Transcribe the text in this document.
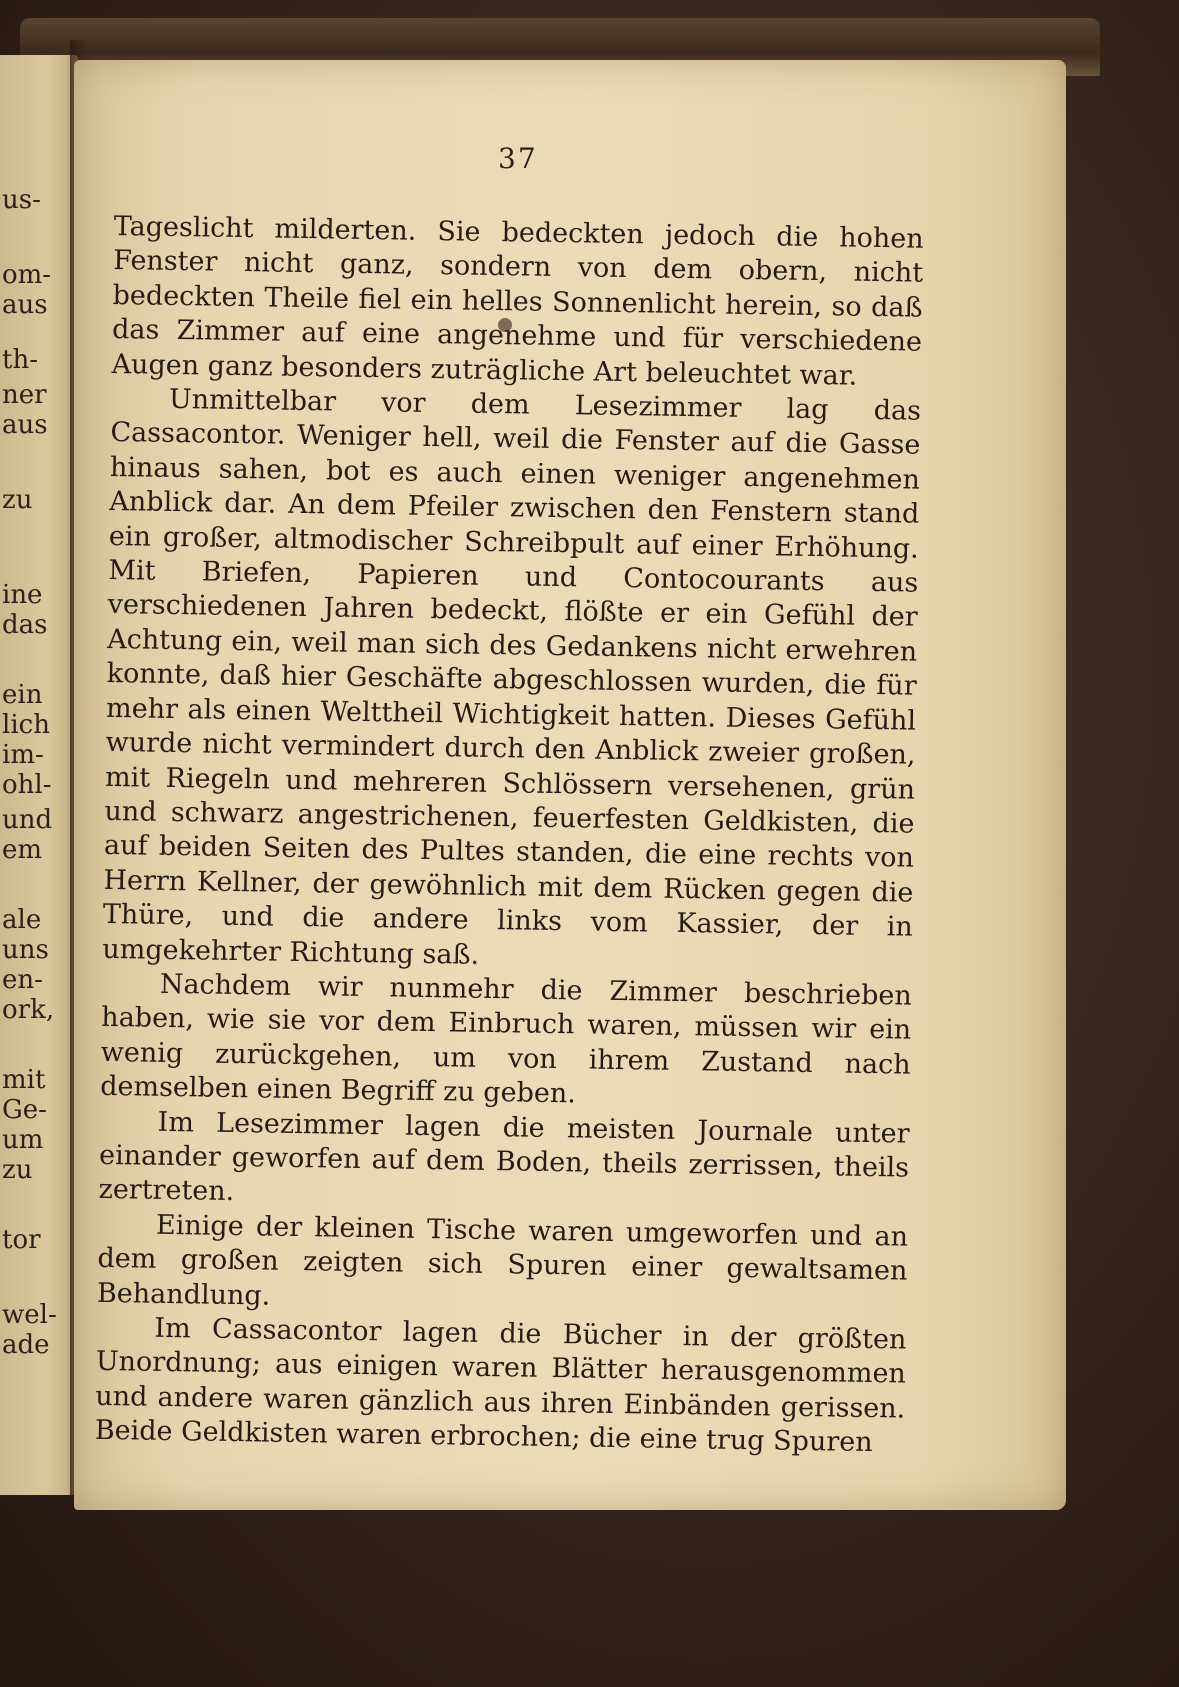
us-
om-
aus
th-
ner
aus
zu
ine
das
ein
lich
im-
ohl-
und
em
ale
uns
en-
ork,
mit
Ge-
um
zu
tor
wel-
ade
37

Tageslicht milderten. Sie bedeckten jedoch die hohen Fenster nicht ganz, sondern von dem obern, nicht bedeckten Theile fiel ein helles Sonnenlicht herein, so daß das Zimmer auf eine angenehme und für verschiedene Augen ganz besonders zuträgliche Art beleuchtet war.

Unmittelbar vor dem Lesezimmer lag das Cassacontor. Weniger hell, weil die Fenster auf die Gasse hinaus sahen, bot es auch einen weniger angenehmen Anblick dar. An dem Pfeiler zwischen den Fenstern stand ein großer, altmodischer Schreibpult auf einer Erhöhung. Mit Briefen, Papieren und Contocourants aus verschiedenen Jahren bedeckt, flößte er ein Gefühl der Achtung ein, weil man sich des Gedankens nicht erwehren konnte, daß hier Geschäfte abgeschlossen wurden, die für mehr als einen Welttheil Wichtigkeit hatten. Dieses Gefühl wurde nicht vermindert durch den Anblick zweier großen, mit Riegeln und mehreren Schlössern versehenen, grün und schwarz angestrichenen, feuerfesten Geldkisten, die auf beiden Seiten des Pultes standen, die eine rechts von Herrn Kellner, der gewöhnlich mit dem Rücken gegen die Thüre, und die andere links vom Kassier, der in umgekehrter Richtung saß.

Nachdem wir nunmehr die Zimmer beschrieben haben, wie sie vor dem Einbruch waren, müssen wir ein wenig zurückgehen, um von ihrem Zustand nach demselben einen Begriff zu geben.

Im Lesezimmer lagen die meisten Journale unter einander geworfen auf dem Boden, theils zerrissen, theils zertreten.

Einige der kleinen Tische waren umgeworfen und an dem großen zeigten sich Spuren einer gewaltsamen Behandlung.

Im Cassacontor lagen die Bücher in der größten Unordnung; aus einigen waren Blätter herausgenommen und andere waren gänzlich aus ihren Einbänden gerissen. Beide Geldkisten waren erbrochen; die eine trug Spuren
